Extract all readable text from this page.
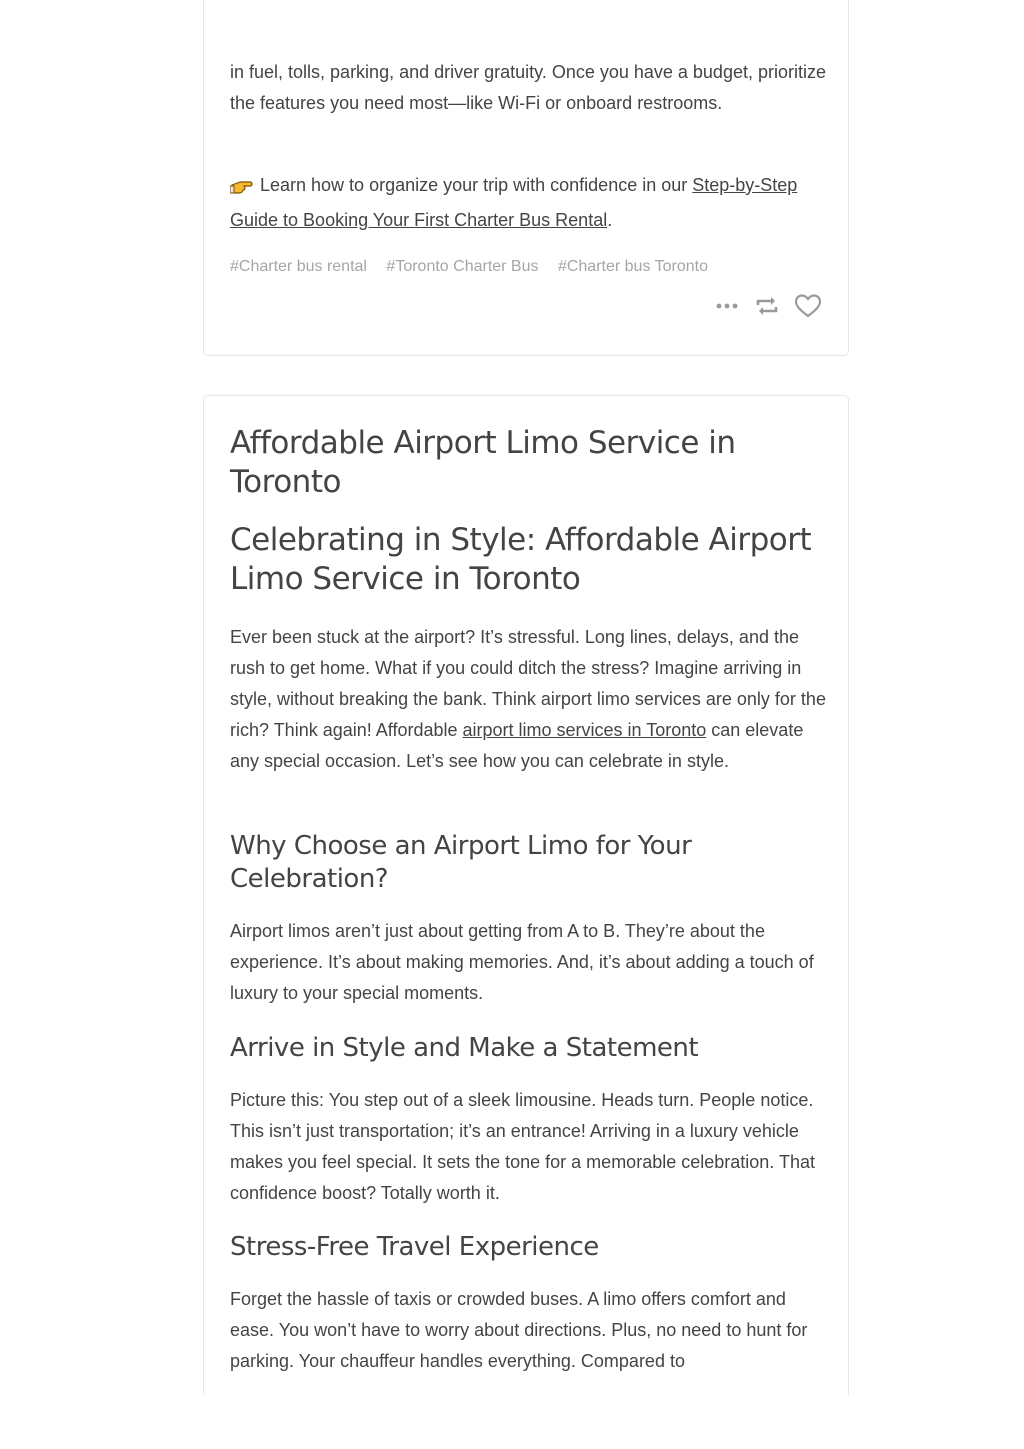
in fuel, tolls, parking, and driver gratuity. Once you have a budget, prioritize the features you need most—like Wi-Fi or onboard restrooms.

Learn how to organize your trip with confidence in our Step-by-Step Guide to Booking Your First Charter Bus Rental.

#Charter bus rental #Toronto Charter Bus #Charter bus Toronto
Affordable Airport Limo Service in Toronto
Celebrating in Style: Affordable Airport Limo Service in Toronto

Ever been stuck at the airport? It’s stressful. Long lines, delays, and the rush to get home. What if you could ditch the stress? Imagine arriving in style, without breaking the bank. Think airport limo services are only for the rich? Think again! Affordable airport limo services in Toronto can elevate any special occasion. Let’s see how you can celebrate in style.

Why Choose an Airport Limo for Your Celebration?

Airport limos aren’t just about getting from A to B. They’re about the experience. It’s about making memories. And, it’s about adding a touch of luxury to your special moments.

Arrive in Style and Make a Statement

Picture this: You step out of a sleek limousine. Heads turn. People notice. This isn’t just transportation; it’s an entrance! Arriving in a luxury vehicle makes you feel special. It sets the tone for a memorable celebration. That confidence boost? Totally worth it.

Stress-Free Travel Experience

Forget the hassle of taxis or crowded buses. A limo offers comfort and ease. You won’t have to worry about directions. Plus, no need to hunt for parking. Your chauffeur handles everything. Compared to
